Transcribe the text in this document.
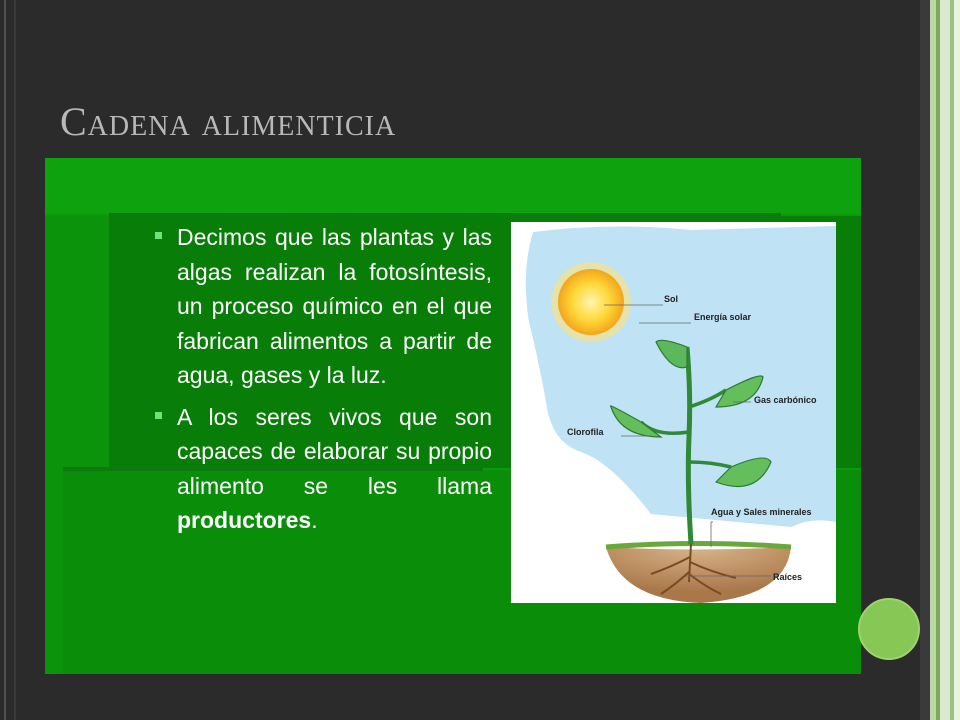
Cadena alimenticia
Decimos que las plantas y las algas realizan la fotosíntesis, un proceso químico en el que fabrican alimentos a partir de agua, gases y la luz.
A los seres vivos que son capaces de elaborar su propio alimento se les llama productores.
Sol
Energía solar
Gas carbónico
Clorofila
Agua y Sales minerales
Raíces
